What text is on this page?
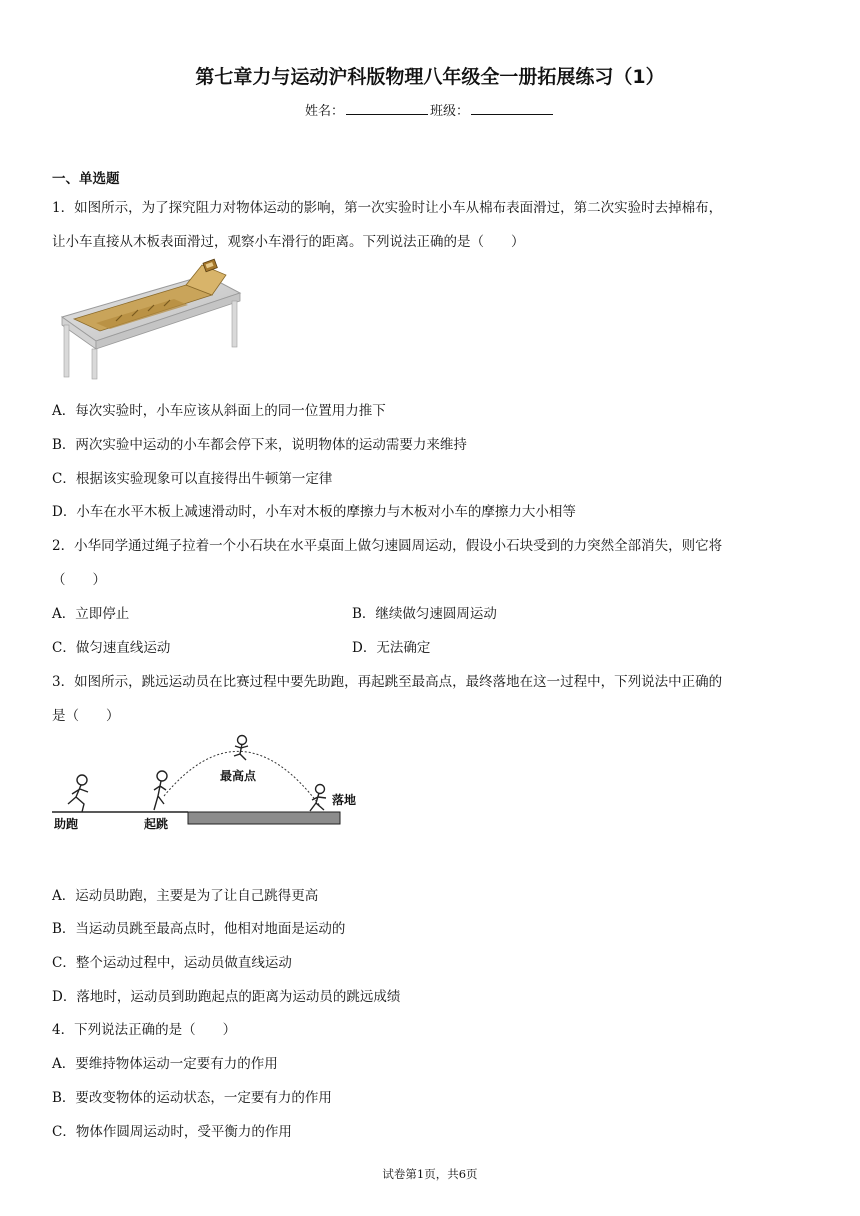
第七章力与运动沪科版物理八年级全一册拓展练习（1）
姓名：	班级：
一、单选题
1．如图所示，为了探究阻力对物体运动的影响，第一次实验时让小车从棉布表面滑过，第二次实验时去掉棉布，
让小车直接从木板表面滑过，观察小车滑行的距离。下列说法正确的是（　　）
A．每次实验时，小车应该从斜面上的同一位置用力推下
B．两次实验中运动的小车都会停下来，说明物体的运动需要力来维持
C．根据该实验现象可以直接得出牛顿第一定律
D．小车在水平木板上减速滑动时，小车对木板的摩擦力与木板对小车的摩擦力大小相等
2．小华同学通过绳子拉着一个小石块在水平桌面上做匀速圆周运动，假设小石块受到的力突然全部消失，则它将
（　　）
A．立即停止	B．继续做匀速圆周运动
C．做匀速直线运动	D．无法确定
3．如图所示，跳远运动员在比赛过程中要先助跑，再起跳至最高点，最终落地在这一过程中，下列说法中正确的
是（　　）
助跑	起跳
最高点
落地
A．运动员助跑，主要是为了让自己跳得更高
B．当运动员跳至最高点时，他相对地面是运动的
C．整个运动过程中，运动员做直线运动
D．落地时，运动员到助跑起点的距离为运动员的跳远成绩
4．下列说法正确的是（　　）
A．要维持物体运动一定要有力的作用
B．要改变物体的运动状态，一定要有力的作用
C．物体作圆周运动时，受平衡力的作用
试卷第1页，共6页
